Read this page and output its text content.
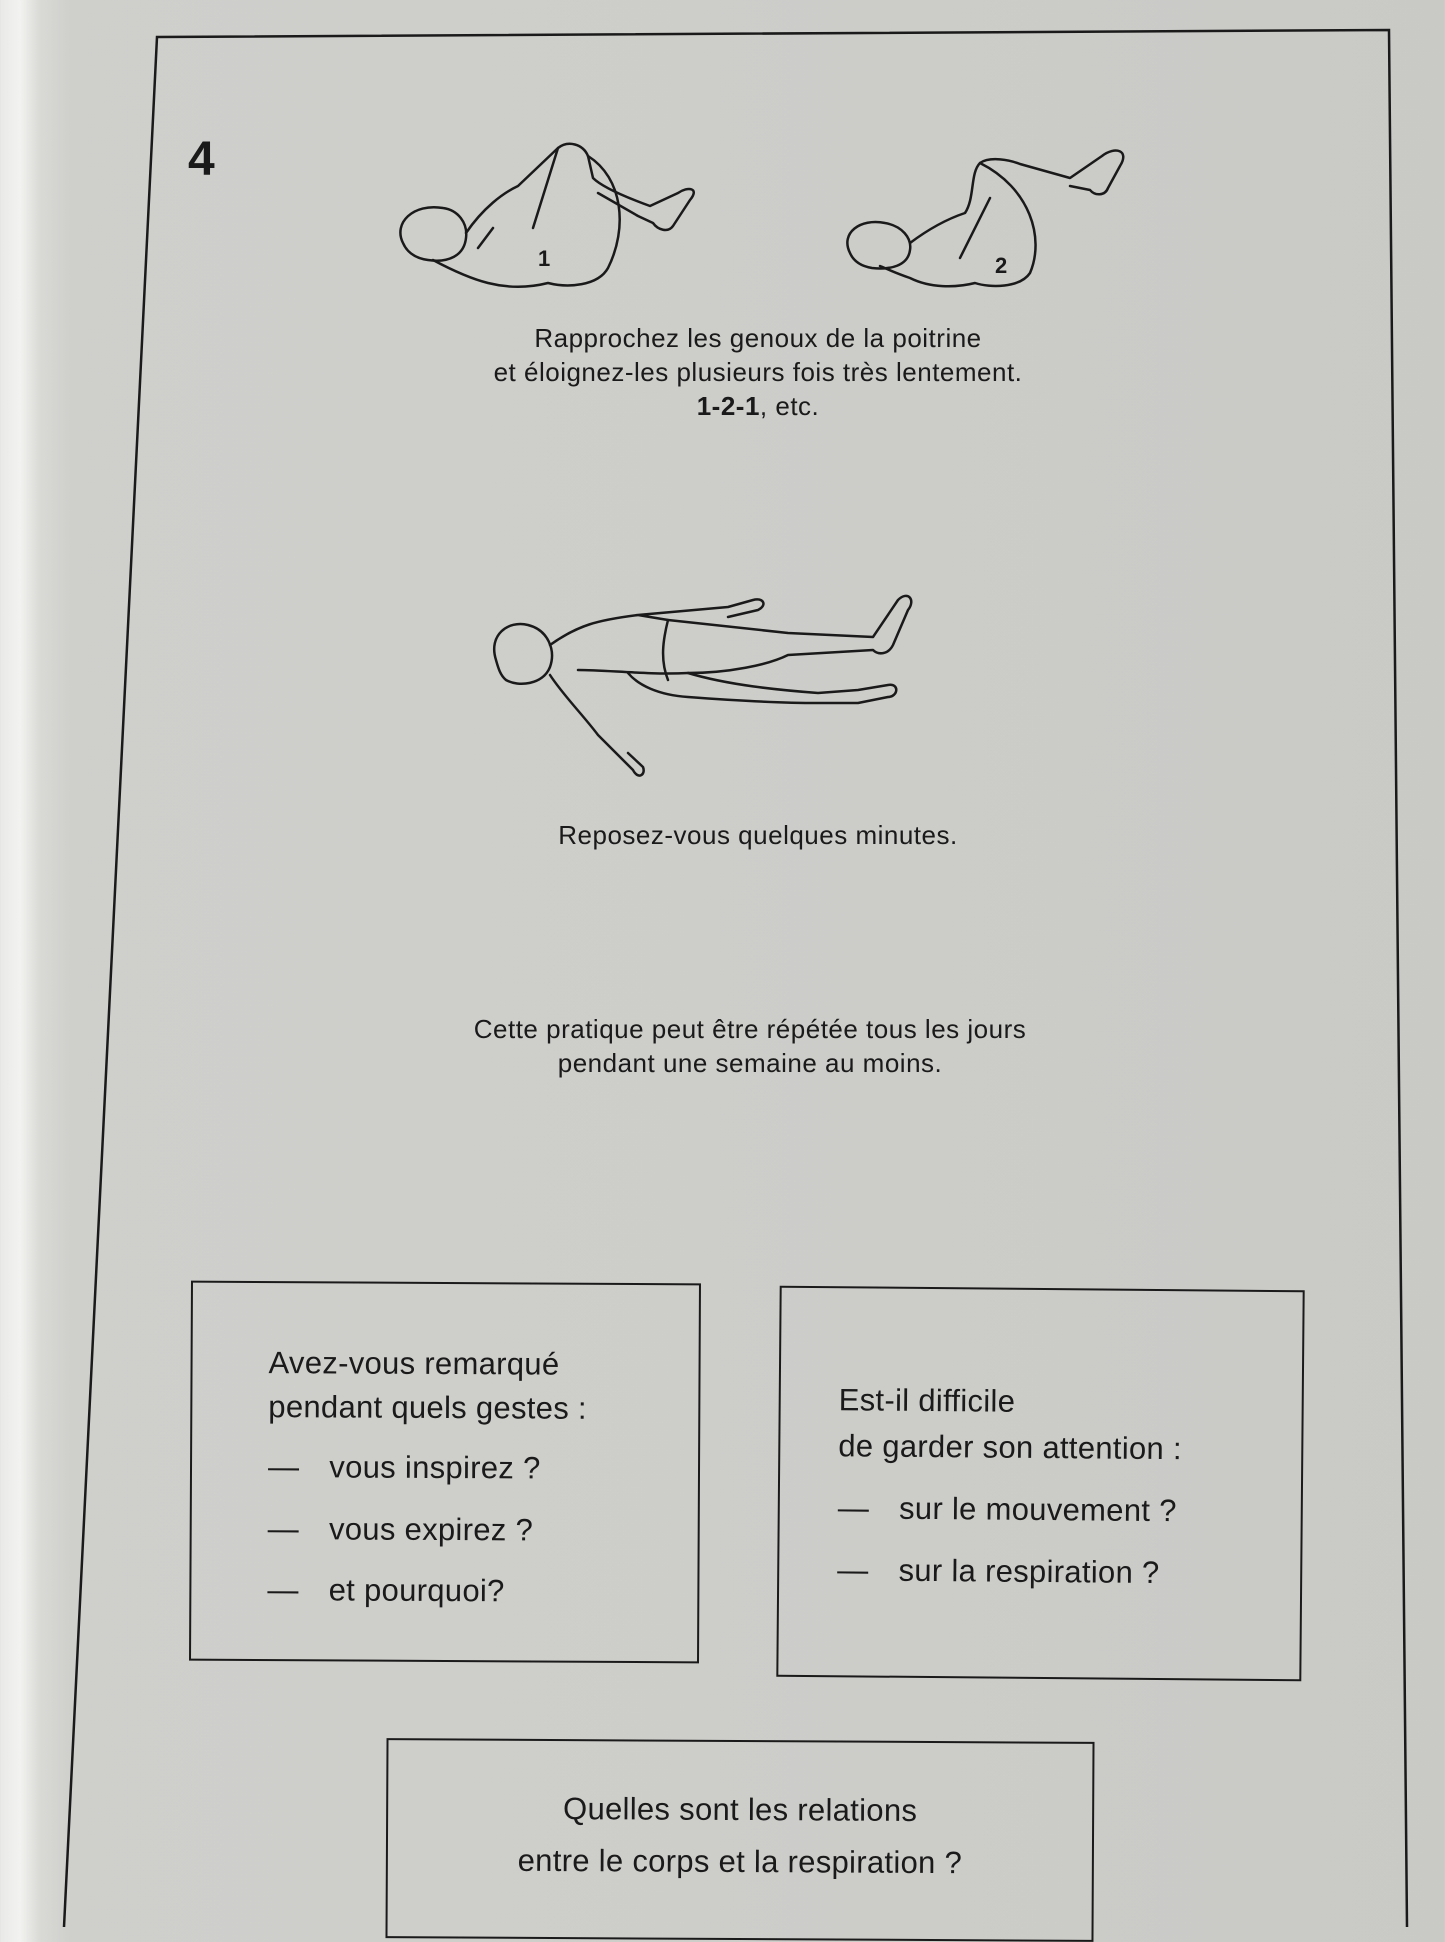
4
1	2
Rapprochez les genoux de la poitrine
et éloignez-les plusieurs fois très lentement.
1-2-1, etc.
Reposez-vous quelques minutes.
Cette pratique peut être répétée tous les jours
pendant une semaine au moins.
Avez-vous remarqué
pendant quels gestes :
— vous inspirez ?
— vous expirez ?
— et pourquoi?
Est-il difficile
de garder son attention :
— sur le mouvement ?
— sur la respiration ?
Quelles sont les relations
entre le corps et la respiration ?
